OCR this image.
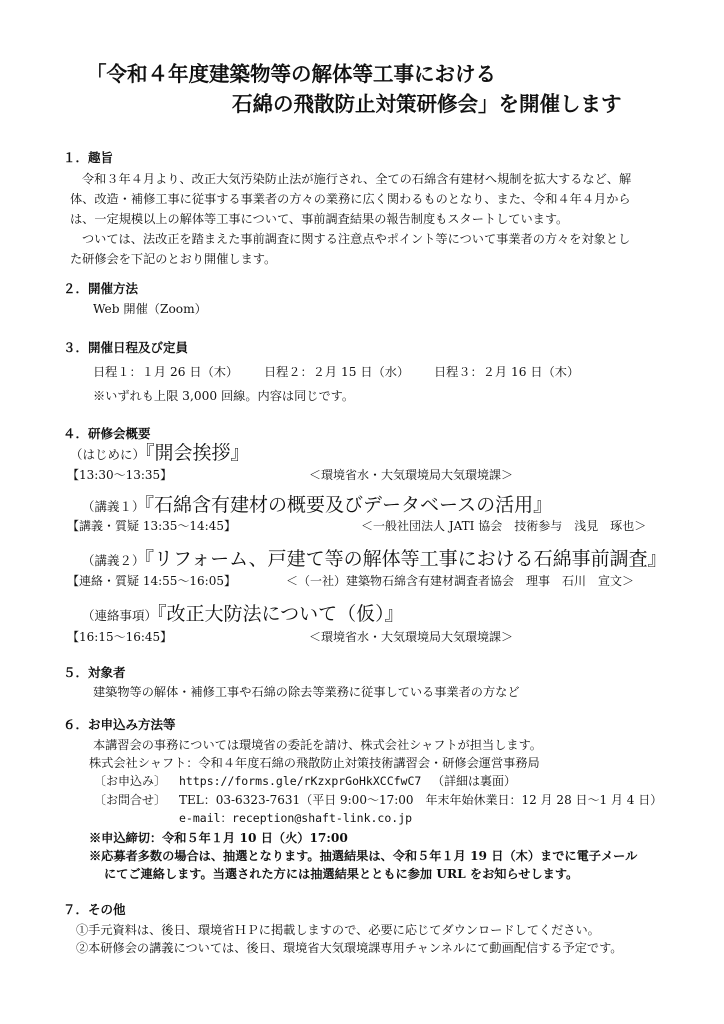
「令和４年度建築物等の解体等工事における
石綿の飛散防止対策研修会」を開催します
１．趣旨
令和３年４月より、改正大気汚染防止法が施行され、全ての石綿含有建材へ規制を拡大するなど、解
体、改造・補修工事に従事する事業者の方々の業務に広く関わるものとなり、また、令和４年４月から
は、一定規模以上の解体等工事について、事前調査結果の報告制度もスタートしています。
ついては、法改正を踏まえた事前調査に関する注意点やポイント等について事業者の方々を対象とし
た研修会を下記のとおり開催します。
２．開催方法
Web 開催（Zoom）
３．開催日程及び定員
日程１：１月 26 日（木） 日程２：２月 15 日（水） 日程３：２月 16 日（木）
※いずれも上限 3,000 回線。内容は同じです。
４．研修会概要
（はじめに）『開会挨拶』
【13:30～13:35】	＜環境省水・大気環境局大気環境課＞
（講義１）『石綿含有建材の概要及びデータベースの活用』
【講義・質疑 13:35～14:45】	＜一般社団法人 JATI 協会　技術参与　浅見　琢也＞
（講義２）『リフォーム、戸建て等の解体等工事における石綿事前調査』
【連絡・質疑 14:55～16:05】	＜（一社）建築物石綿含有建材調査者協会　理事　石川　宣文＞
（連絡事項）『改正大防法について（仮）』
【16:15～16:45】	＜環境省水・大気環境局大気環境課＞
５．対象者
建築物等の解体・補修工事や石綿の除去等業務に従事している事業者の方など
６．お申込み方法等
本講習会の事務については環境省の委託を請け、株式会社シャフトが担当します。
株式会社シャフト：令和４年度石綿の飛散防止対策技術講習会・研修会運営事務局
〔お申込み〕 https://forms.gle/rKzxprGoHkXCCfwC7 （詳細は裏面）
〔お問合せ〕 TEL：03-6323-7631（平日 9:00～17:00　年末年始休業日：12 月 28 日～1 月 4 日）
e-mail：reception@shaft-link.co.jp
※申込締切：令和５年１月 10 日（火）17:00
※応募者多数の場合は、抽選となります。抽選結果は、令和５年１月 19 日（木）までに電子メール
にてご連絡します。当選された方には抽選結果とともに参加 URL をお知らせします。
７．その他
①手元資料は、後日、環境省ＨＰに掲載しますので、必要に応じてダウンロードしてください。
②本研修会の講義については、後日、環境省大気環境課専用チャンネルにて動画配信する予定です。
